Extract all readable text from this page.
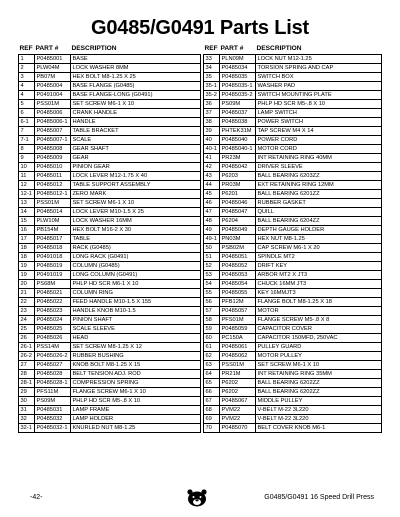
G0485/G0491 Parts List
REF	PART #	DESCRIPTION
1	P0485001	BASE
2	PLW04M	LOCK WASHER 8MM
3	PB07M	HEX BOLT M8-1.25 X 25
4	P0485004	BASE FLANGE (G0485)
4	P0491004	BASE FLANGE-LONG (G0491)
5	PSS01M	SET SCREW M6-1 X 10
6	P0485006	CRANK HANDLE
6-1	P0485006-1	HANDLE
7	P0485007	TABLE BRACKET
7-1	P0485007-1	SCALE
8	P0485008	GEAR SHAFT
9	P0485009	GEAR
10	P0485010	PINION GEAR
11	P0485011	LOCK LEVER M12-1.75 X 40
12	P0485012	TABLE SUPPORT ASSEMBLY
12-1	P0485012-1	ZERO MARK
13	PSS01M	SET SCREW M6-1 X 10
14	P0485014	LOCK LEVER M10-1.5 X 25
15	PLW10M	LOCK WASHER 16MM
16	PB154M	HEX BOLT M16-2 X 30
17	P0485017	TABLE
18	P0485018	RACK (G0485)
18	P0491018	LONG RACK (G0491)
19	P0485019	COLUMN (G0485)
19	P0491019	LONG COLUMN (G0491)
20	PS68M	PHLP HD SCR M6-1 X 10
21	P0485021	COLUMN RING
22	P0485022	FEED HANDLE M10-1.5 X 155
23	P0485023	HANDLE KNOB M10-1.5
24	P0485024	PINION SHAFT
25	P0485025	SCALE SLEEVE
26	P0485026	HEAD
26-1	PSS14M	SET SCREW M8-1.25 X 12
26-2	P0485026-2	RUBBER BUSHING
27	P0485027	KNOB BOLT M8-1.25 X 15
28	P0485028	BELT TENSION ADJ. ROD
28-1	P0485028-1	COMPRESSION SPRING
29	PFS11M	FLANGE SCREW M6-1 X 10
30	PS09M	PHLP HD SCR M5-.8 X 10
31	P0485031	LAMP FRAME
32	P0485032	LAMP HOLDER
32-1	P0485032-1	KNURLED NUT M8-1.25
REF	PART #	DESCRIPTION
33	PLN09M	LOCK NUT M12-1.25
34	P0485034	TORSION SPRING AND CAP
35	P0485035	SWITCH BOX
35-1	P0485035-1	WASHER PAD
35-2	P0485035-2	SWITCH MOUNTING PLATE
36	PS09M	PHLP HD SCR M5-.8 X 10
37	P0485037	LAMP SWITCH
38	P0485038	POWER SWITCH
39	PHTEK31M	TAP SCREW M4 X 14
40	P0485040	POWER CORD
40-1	P0485040-1	MOTOR CORD
41	PR23M	INT RETAINING RING 40MM
42	P0485042	DRIVER SLEEVE
43	P6203	BALL BEARING 6203ZZ
44	PR03M	EXT RETAINING RING 12MM
45	P6201	BALL BEARING 6201ZZ
46	P0485046	RUBBER GASKET
47	P0485047	QUILL
48	P6204	BALL BEARING 6204ZZ
49	P0485049	DEPTH GAUGE HOLDER
49-1	PN03M	HEX NUT M8-1.25
50	PSB02M	CAP SCREW M6-1 X 20
51	P0485051	SPINDLE MT2
52	P0485052	DRIFT KEY
53	P0485053	ARBOR MT2 X JT3
54	P0485054	CHUCK 16MM JT3
55	P0485055	KEY 16MMJT3
56	PFB12M	FLANGE BOLT M8-1.25 X 18
57	P0485057	MOTOR
58	PFS01M	FLANGE SCREW M5-.8 X 8
59	P0485059	CAPACITOR COVER
60	PC150A	CAPACITOR 150MFD, 250VAC
61	P0485061	PULLEY GUARD
62	P0485062	MOTOR PULLEY
63	PSS01M	SET SCREW M6-1 X 10
64	PR21M	INT RETAINING RING 35MM
65	P6202	BALL BEARING 6202ZZ
66	P6202	BALL BEARING 6202ZZ
67	P0485067	MIDDLE PULLEY
68	PVM22	V-BELT M-22 3L220
69	PVM22	V-BELT M-22 3L220
70	P0485070	BELT COVER KNOB M6-1
-42-	G0485/G0491 16 Speed Drill Press
